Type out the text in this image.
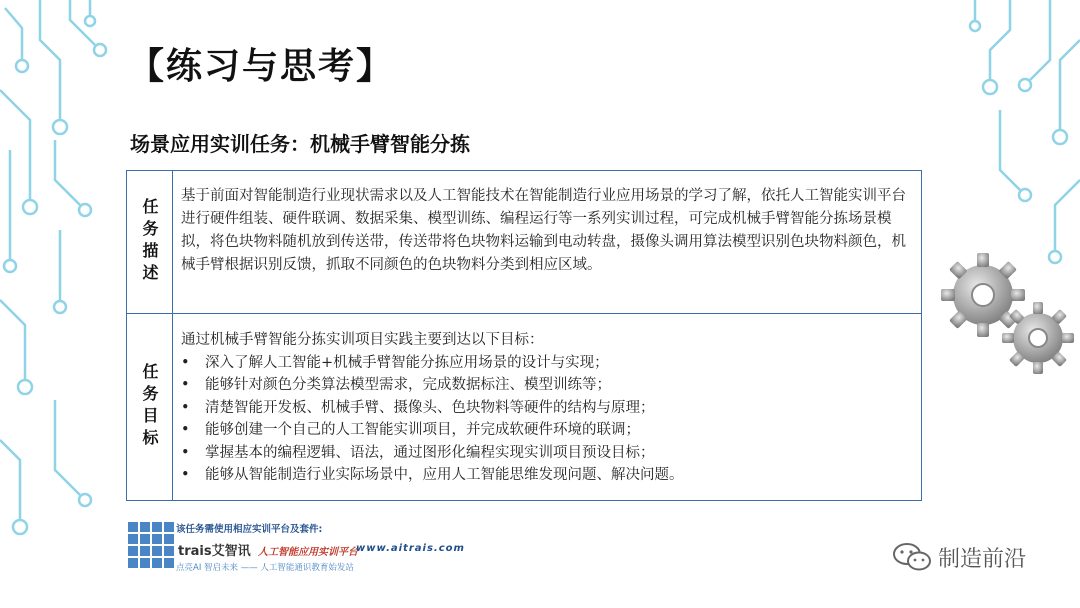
【练习与思考】
场景应用实训任务：机械手臂智能分拣
任务描述
基于前面对智能制造行业现状需求以及人工智能技术在智能制造行业应用场景的学习了解，依托人工智能实训平台进行硬件组装、硬件联调、数据采集、模型训练、编程运行等一系列实训过程，可完成机械手臂智能分拣场景模拟，将色块物料随机放到传送带，传送带将色块物料运输到电动转盘，摄像头调用算法模型识别色块物料颜色，机械手臂根据识别反馈，抓取不同颜色的色块物料分类到相应区域。
任务目标
通过机械手臂智能分拣实训项目实践主要到达以下目标：
• 深入了解人工智能+机械手臂智能分拣应用场景的设计与实现；
• 能够针对颜色分类算法模型需求，完成数据标注、模型训练等；
• 清楚智能开发板、机械手臂、摄像头、色块物料等硬件的结构与原理；
• 能够创建一个自己的人工智能实训项目，并完成软硬件环境的联调；
• 掌握基本的编程逻辑、语法，通过图形化编程实现实训项目预设目标；
• 能够从智能制造行业实际场景中，应用人工智能思维发现问题、解决问题。
该任务需使用相应实训平台及套件:
trais艾智讯 人工智能应用实训平台
www.aitrais.com
点亮AI 智启未来 —— 人工智能通识教育始发站	制造前沿
